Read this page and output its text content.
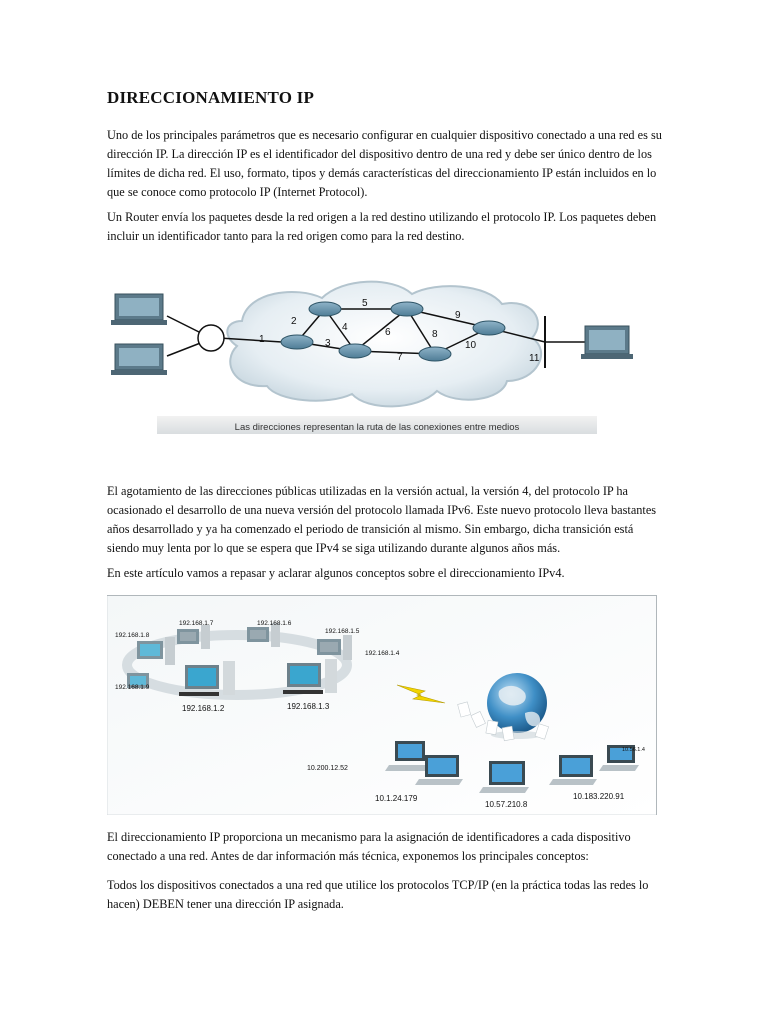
DIRECCIONAMIENTO IP

Uno de los principales parámetros que es necesario configurar en cualquier dispositivo conectado a una red es su dirección IP. La dirección IP es el identificador del dispositivo dentro de una red y debe ser único dentro de los límites de dicha red. El uso, formato, tipos y demás características del direccionamiento IP están incluidos en lo que se conoce como protocolo IP (Internet Protocol).

Un Router envía los paquetes desde la red origen a la red destino utilizando el protocolo IP. Los paquetes deben incluir un identificador tanto para la red origen como para la red destino.

Las direcciones representan la ruta de las conexiones entre medios
1
2
3
4
5
6
7
8
9
10
11

El agotamiento de las direcciones públicas utilizadas en la versión actual, la versión 4, del protocolo IP ha ocasionado el desarrollo de una nueva versión del protocolo llamada IPv6. Este nuevo protocolo lleva bastantes años desarrollado y ya ha comenzado el periodo de transición al mismo. Sin embargo, dicha transición está siendo muy lenta por lo que se espera que IPv4 se siga utilizando durante algunos años más.

En este artículo vamos a repasar y aclarar algunos conceptos sobre el direccionamiento IPv4.

192.168.1.8
192.168.1.7	192.168.1.6
192.168.1.5
192.168.1.4
192.168.1.9
192.168.1.2	192.168.1.3
10.200.12.52
10.1.24.179
10.57.210.8
10.183.220.91
10.56.1.4

El direccionamiento IP proporciona un mecanismo para la asignación de identificadores a cada dispositivo conectado a una red. Antes de dar información más técnica, exponemos los principales conceptos:

Todos los dispositivos conectados a una red que utilice los protocolos TCP/IP (en la práctica todas las redes lo hacen) DEBEN tener una dirección IP asignada.
